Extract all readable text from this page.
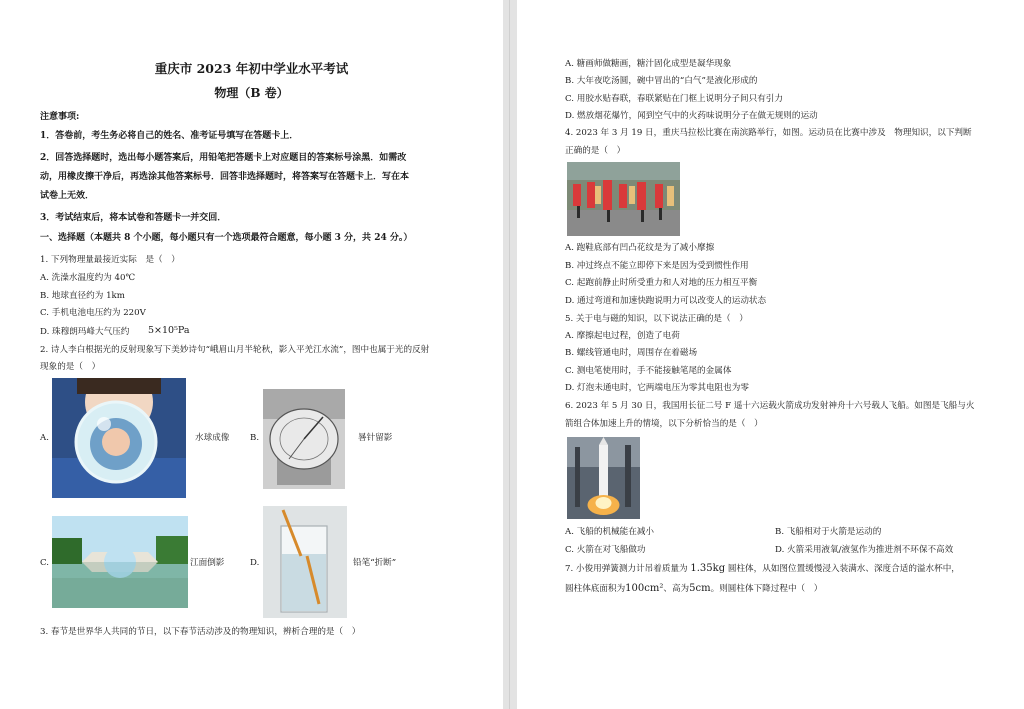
重庆市 2023 年初中学业水平考试
物理（B 卷）
注意事项:
1．答卷前，考生务必将自己的姓名、准考证号填写在答题卡上．
2．回答选择题时，选出每小题答案后，用铅笔把答题卡上对应题目的答案标号涂黑．如需改
动，用橡皮擦干净后，再选涂其他答案标号．回答非选择题时，将答案写在答题卡上．写在本
试卷上无效．
3．考试结束后，将本试卷和答题卡一并交回．
一、选择题（本题共 8 个小题，每小题只有一个选项最符合题意，每小题 3 分，共 24 分。）
1. 下列物理量最接近实际　是（　）
A. 洗澡水温度约为 40℃
B. 地球直径约为 1km
C. 手机电池电压约为 220V
D. 珠穆朗玛峰大气压约 5×10⁵Pa
2. 诗人李白根据光的反射现象写下美妙诗句“峨眉山月半轮秋，影入平羌江水流”，图中也属于光的反射
现象的是（　）
A.	水球成像 B.	晷针留影
C.	江面倒影	D.	铅笔“折断”
3. 春节是世界华人共同的节日，以下春节活动涉及的物理知识，辨析合理的是（　）
A. 糖画师做糖画，糖汁固化成型是凝华现象
B. 大年夜吃汤圆，碗中冒出的“白气”是液化形成的
C. 用胶水贴春联，春联紧贴在门框上说明分子间只有引力
D. 燃放烟花爆竹，闻到空气中的火药味说明分子在做无规则的运动
4. 2023 年 3 月 19 日，重庆马拉松比赛在南滨路举行，如图。运动员在比赛中涉及　物理知识，以下判断
正确的是（　）
A. 跑鞋底部有凹凸花纹是为了减小摩擦
B. 冲过终点不能立即停下来是因为受到惯性作用
C. 起跑前静止时所受重力和人对地的压力相互平衡
D. 通过弯道和加速快跑说明力可以改变人的运动状态
5. 关于电与磁的知识，以下说法正确的是（　）
A. 摩擦起电过程，创造了电荷
B. 螺线管通电时，周围存在着磁场
C. 测电笔使用时，手不能接触笔尾的金属体
D. 灯泡未通电时，它两端电压为零其电阻也为零
6. 2023 年 5 月 30 日，我国用长征二号 F 遥十六运载火箭成功发射神舟十六号载人飞船。如图是飞船与火
箭组合体加速上升的情境，以下分析恰当的是（　）
A. 飞船的机械能在减小	B. 飞船相对于火箭是运动的
C. 火箭在对飞船做功	D. 火箭采用液氧/液氢作为推进剂不环保不高效
7. 小俊用弹簧测力计吊着质量为 1.35kg 圆柱体，从如图位置缓慢浸入装满水、深度合适的溢水杯中，
圆柱体底面积为100cm²、高为5cm。则圆柱体下降过程中（　）
